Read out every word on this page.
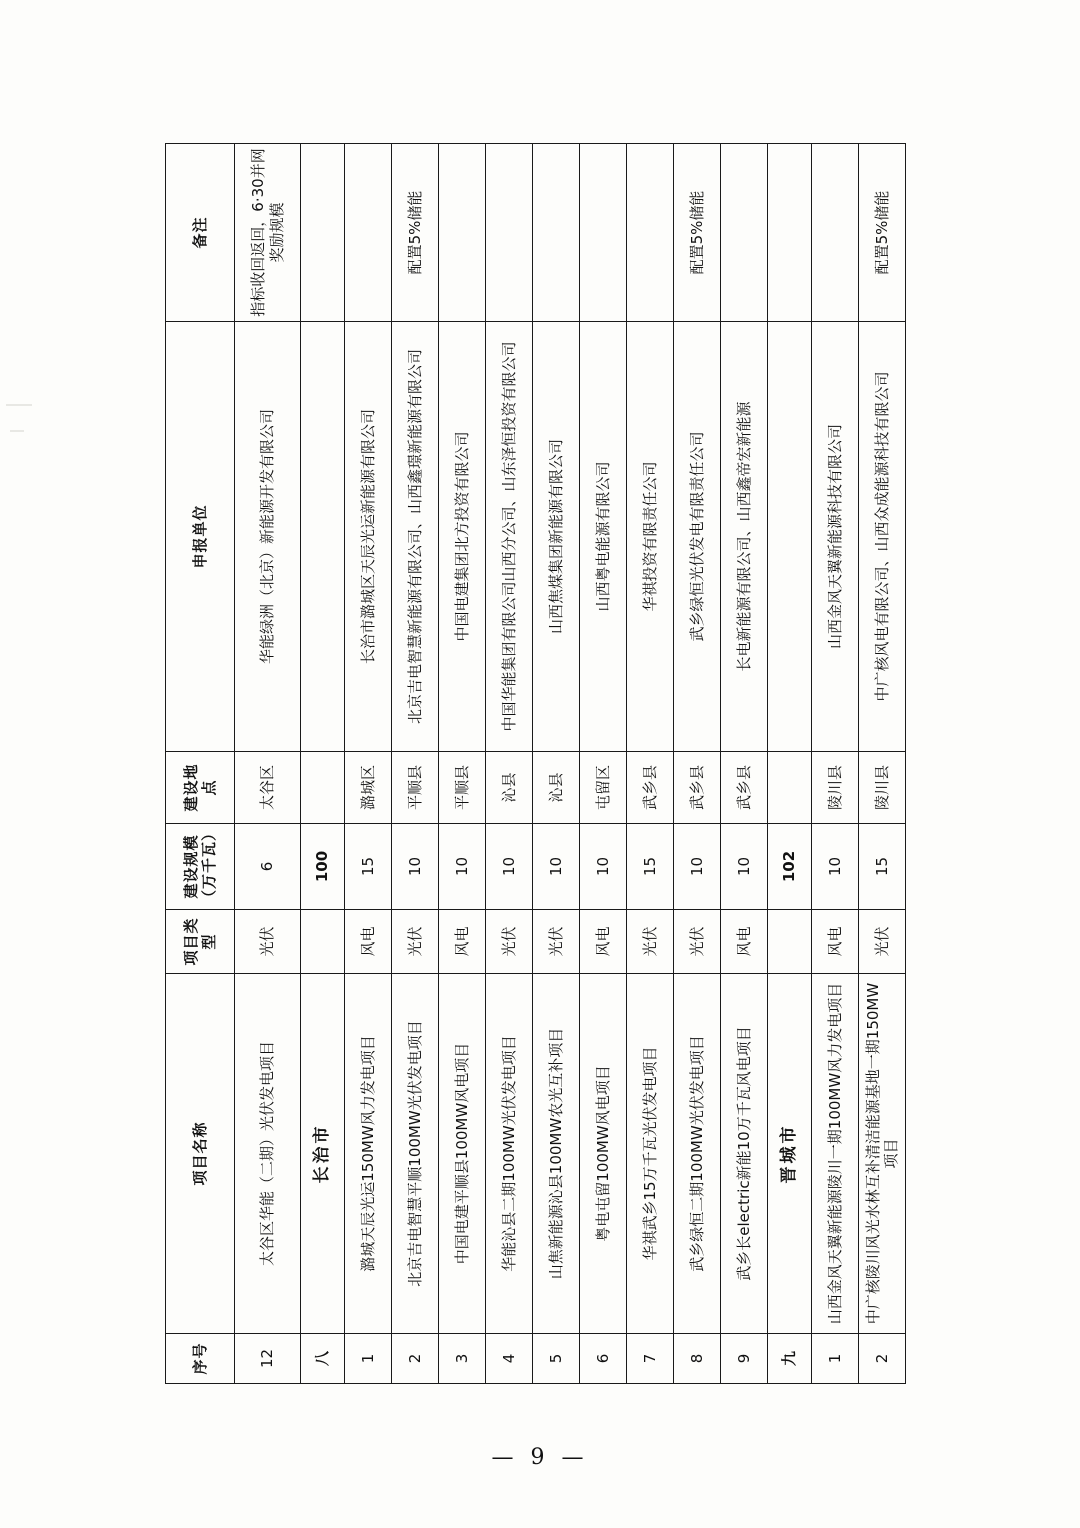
序号	项目名称	项目类型	建设规模（万千瓦）	建设地点	申报单位	备注
12	太谷区华能（二期）光伏发电项目	光伏	6	太谷区	华能绿洲（北京）新能源开发有限公司	指标收回返回，6·30并网奖励规模
八	长治市		100			
1	潞城天辰光运150MW风力发电项目	风电	15	潞城区	长治市潞城区天辰光运新能源有限公司	
2	北京吉电智慧平顺100MW光伏发电项目	光伏	10	平顺县	北京吉电智慧新能源有限公司、山西鑫璟新能源有限公司	配置5%储能
3	中国电建平顺县100MW风电项目	风电	10	平顺县	中国电建集团北方投资有限公司	
4	华能沁县二期100MW光伏发电项目	光伏	10	沁县	中国华能集团有限公司山西分公司、山东泽恒投资有限公司	
5	山焦新能源沁县100MW农光互补项目	光伏	10	沁县	山西焦煤集团新能源有限公司	
6	粤电屯留100MW风电项目	风电	10	屯留区	山西粤电能源有限公司	
7	华祺武乡15万千瓦光伏发电项目	光伏	15	武乡县	华祺投资有限责任公司	
8	武乡绿恒二期100MW光伏发电项目	光伏	10	武乡县	武乡绿恒光伏发电有限责任公司	配置5%储能
9	武乡长electric新能10万千瓦风电项目	风电	10	武乡县	长电新能源有限公司、山西鑫帝宏新能源	
九	晋城市		102			
1	山西金风天翼新能源陵川一期100MW风力发电项目	风电	10	陵川县	山西金风天翼新能源科技有限公司	
2	中广核陵川风光水林互补清洁能源基地一期150MW项目	光伏	15	陵川县	中广核风电有限公司、山西众成能源科技有限公司	配置5%储能
— 9 —
